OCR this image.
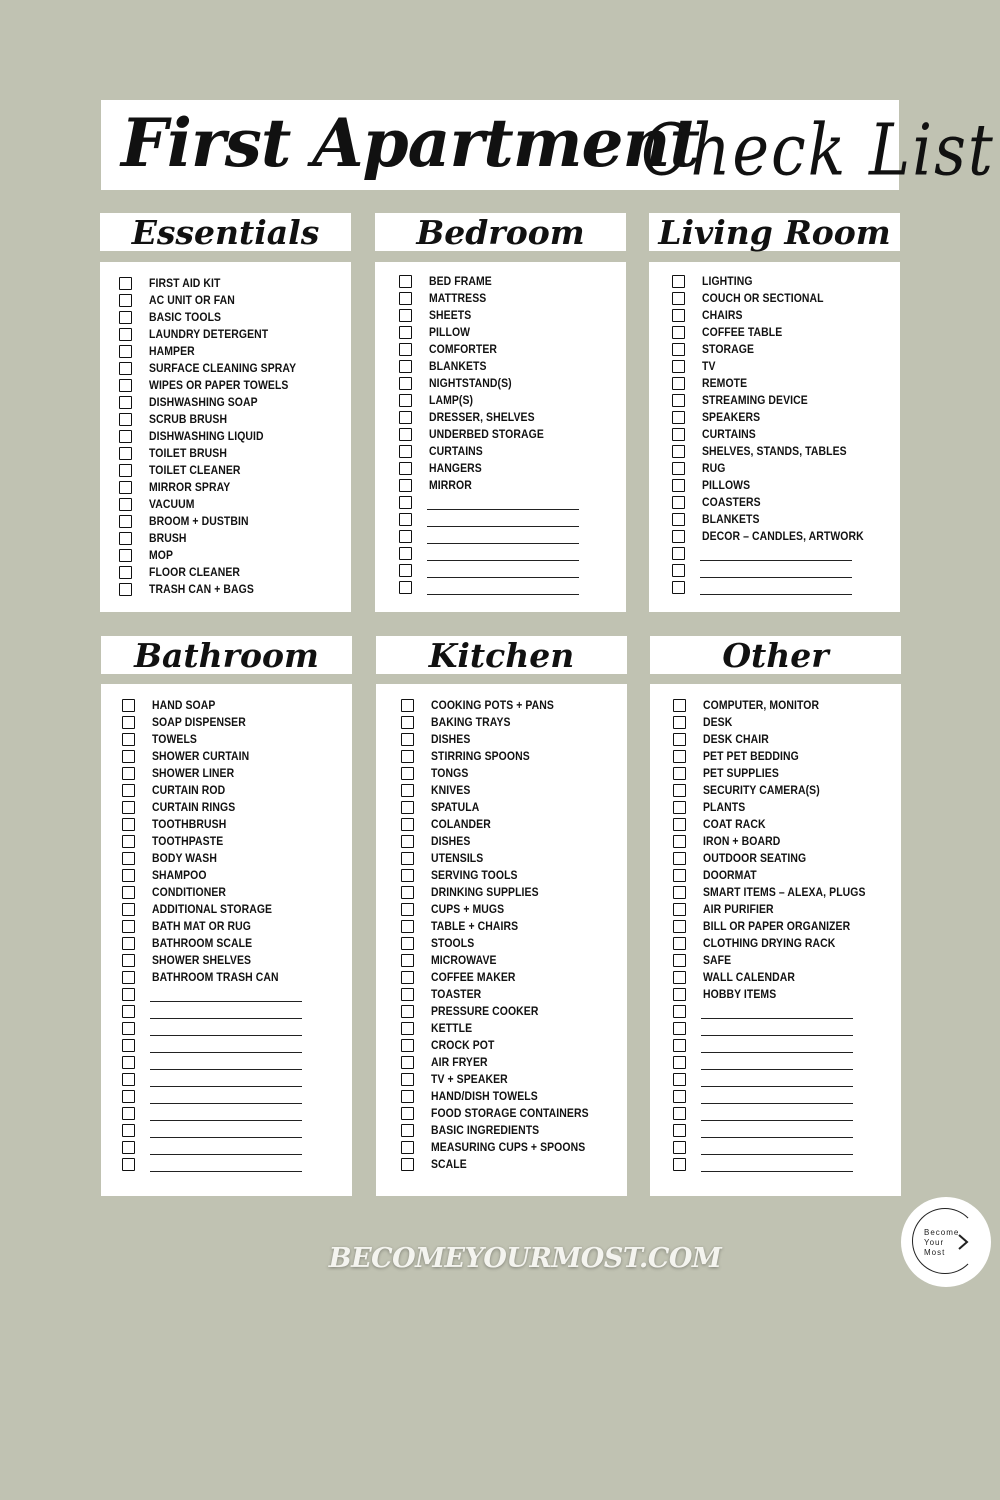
First Apartment
Check List
Essentials
FIRST AID KIT
AC UNIT OR FAN
BASIC TOOLS
LAUNDRY DETERGENT
HAMPER
SURFACE CLEANING SPRAY
WIPES OR PAPER TOWELS
DISHWASHING SOAP
SCRUB BRUSH
DISHWASHING LIQUID
TOILET BRUSH
TOILET CLEANER
MIRROR SPRAY
VACUUM
BROOM + DUSTBIN
BRUSH
MOP
FLOOR CLEANER
TRASH CAN + BAGS
Bedroom
BED FRAME
MATTRESS
SHEETS
PILLOW
COMFORTER
BLANKETS
NIGHTSTAND(S)
LAMP(S)
DRESSER, SHELVES
UNDERBED STORAGE
CURTAINS
HANGERS
MIRROR
Living Room
LIGHTING
COUCH OR SECTIONAL
CHAIRS
COFFEE TABLE
STORAGE
TV
REMOTE
STREAMING DEVICE
SPEAKERS
CURTAINS
SHELVES, STANDS, TABLES
RUG
PILLOWS
COASTERS
BLANKETS
DECOR – CANDLES, ARTWORK
Bathroom
HAND SOAP
SOAP DISPENSER
TOWELS
SHOWER CURTAIN
SHOWER LINER
CURTAIN ROD
CURTAIN RINGS
TOOTHBRUSH
TOOTHPASTE
BODY WASH
SHAMPOO
CONDITIONER
ADDITIONAL STORAGE
BATH MAT OR RUG
BATHROOM SCALE
SHOWER SHELVES
BATHROOM TRASH CAN
Kitchen
COOKING POTS + PANS
BAKING TRAYS
DISHES
STIRRING SPOONS
TONGS
KNIVES
SPATULA
COLANDER
DISHES
UTENSILS
SERVING TOOLS
DRINKING SUPPLIES
CUPS + MUGS
TABLE + CHAIRS
STOOLS
MICROWAVE
COFFEE MAKER
TOASTER
PRESSURE COOKER
KETTLE
CROCK POT
AIR FRYER
TV + SPEAKER
HAND/DISH TOWELS
FOOD STORAGE CONTAINERS
BASIC INGREDIENTS
MEASURING CUPS + SPOONS
SCALE
Other
COMPUTER, MONITOR
DESK
DESK CHAIR
PET PET BEDDING
PET SUPPLIES
SECURITY CAMERA(S)
PLANTS
COAT RACK
IRON + BOARD
OUTDOOR SEATING
DOORMAT
SMART ITEMS – ALEXA, PLUGS
AIR PURIFIER
BILL OR PAPER ORGANIZER
CLOTHING DRYING RACK
SAFE
WALL CALENDAR
HOBBY ITEMS
BECOMEYOURMOST.COM
Become
Your
Most
